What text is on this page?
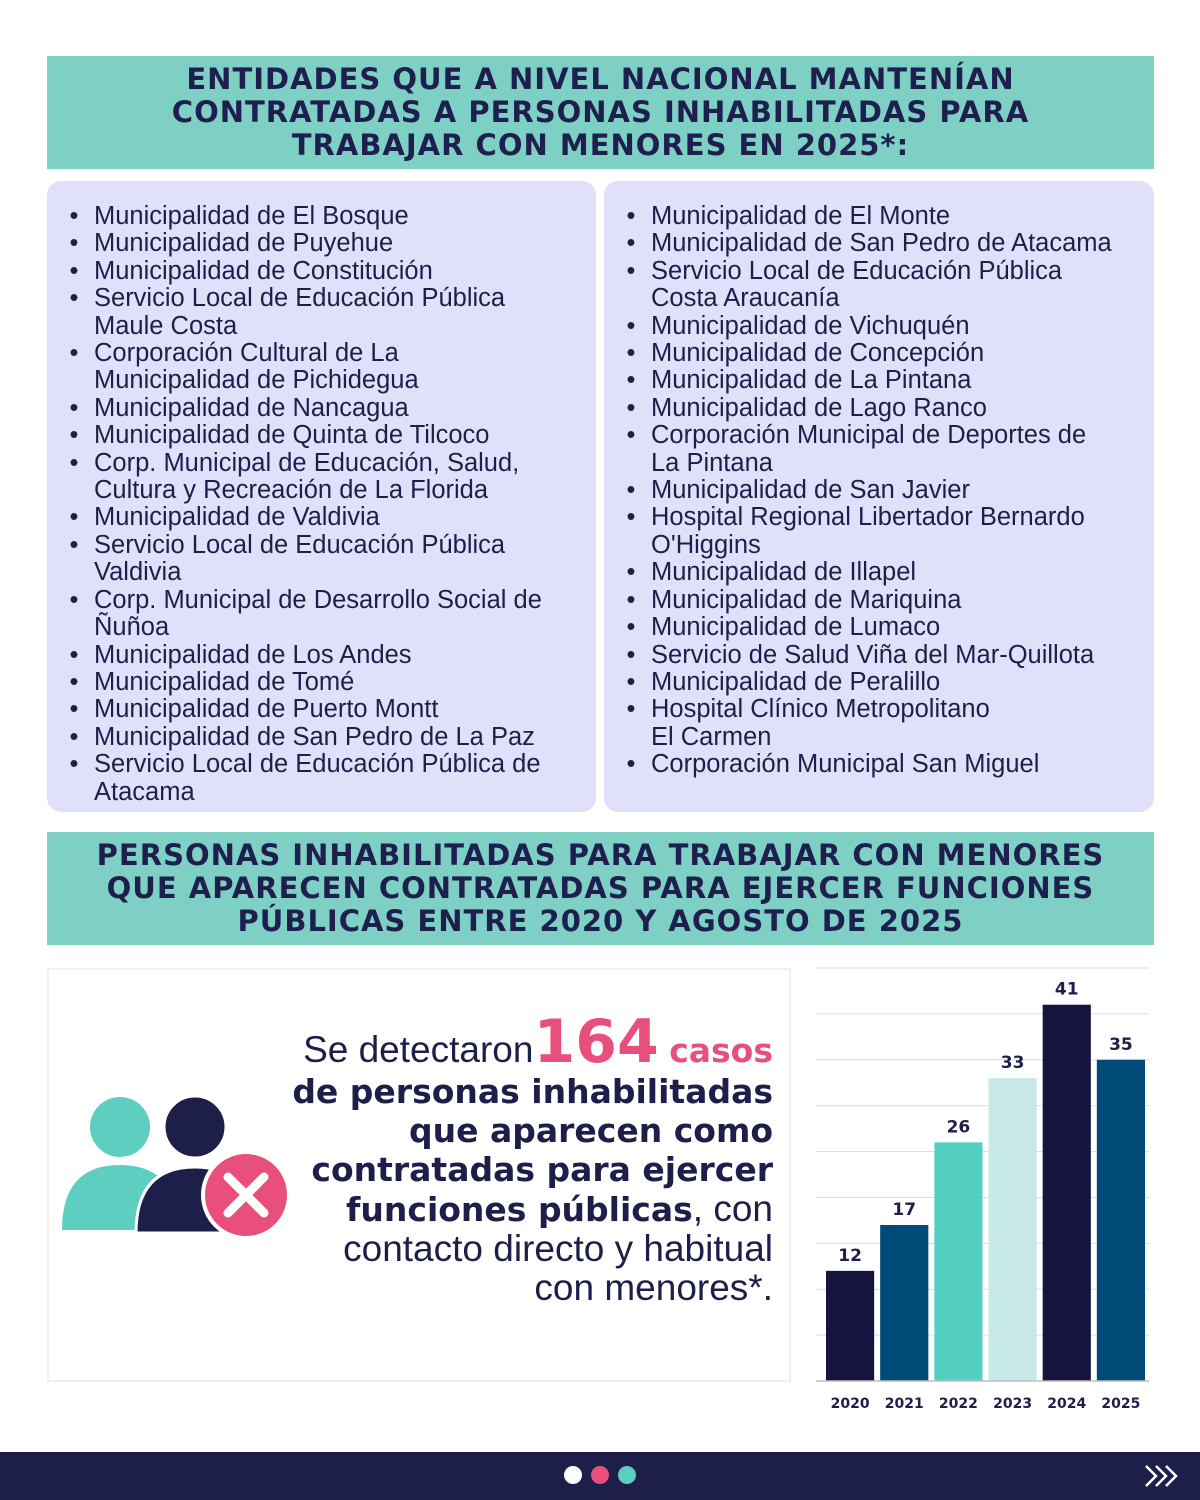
ENTIDADES QUE A NIVEL NACIONAL MANTENÍAN
CONTRATADAS A PERSONAS INHABILITADAS PARA
TRABAJAR CON MENORES EN 2025*:
• Municipalidad de El Bosque
• Municipalidad de Puyehue
• Municipalidad de Constitución
• Servicio Local de Educación Pública
Maule Costa
• Corporación Cultural de La
Municipalidad de Pichidegua
• Municipalidad de Nancagua
• Municipalidad de Quinta de Tilcoco
• Corp. Municipal de Educación, Salud,
Cultura y Recreación de La Florida
• Municipalidad de Valdivia
• Servicio Local de Educación Pública
Valdivia
• Corp. Municipal de Desarrollo Social de
Ñuñoa
• Municipalidad de Los Andes
• Municipalidad de Tomé
• Municipalidad de Puerto Montt
• Municipalidad de San Pedro de La Paz
• Servicio Local de Educación Pública de
Atacama
• Municipalidad de El Monte
• Municipalidad de San Pedro de Atacama
• Servicio Local de Educación Pública
Costa Araucanía
• Municipalidad de Vichuquén
• Municipalidad de Concepción
• Municipalidad de La Pintana
• Municipalidad de Lago Ranco
• Corporación Municipal de Deportes de
La Pintana
• Municipalidad de San Javier
• Hospital Regional Libertador Bernardo
O'Higgins
• Municipalidad de Illapel
• Municipalidad de Mariquina
• Municipalidad de Lumaco
• Servicio de Salud Viña del Mar-Quillota
• Municipalidad de Peralillo
• Hospital Clínico Metropolitano
El Carmen
• Corporación Municipal San Miguel
PERSONAS INHABILITADAS PARA TRABAJAR CON MENORES
QUE APARECEN CONTRATADAS PARA EJERCER FUNCIONES
PÚBLICAS ENTRE 2020 Y AGOSTO DE 2025
Se detectaron164 casos
de personas inhabilitadas
que aparecen como
contratadas para ejercer
funciones públicas, con
contacto directo y habitual
con menores*.
12
2020
17
2021
26
2022
33
2023
41
2024
35
2025
